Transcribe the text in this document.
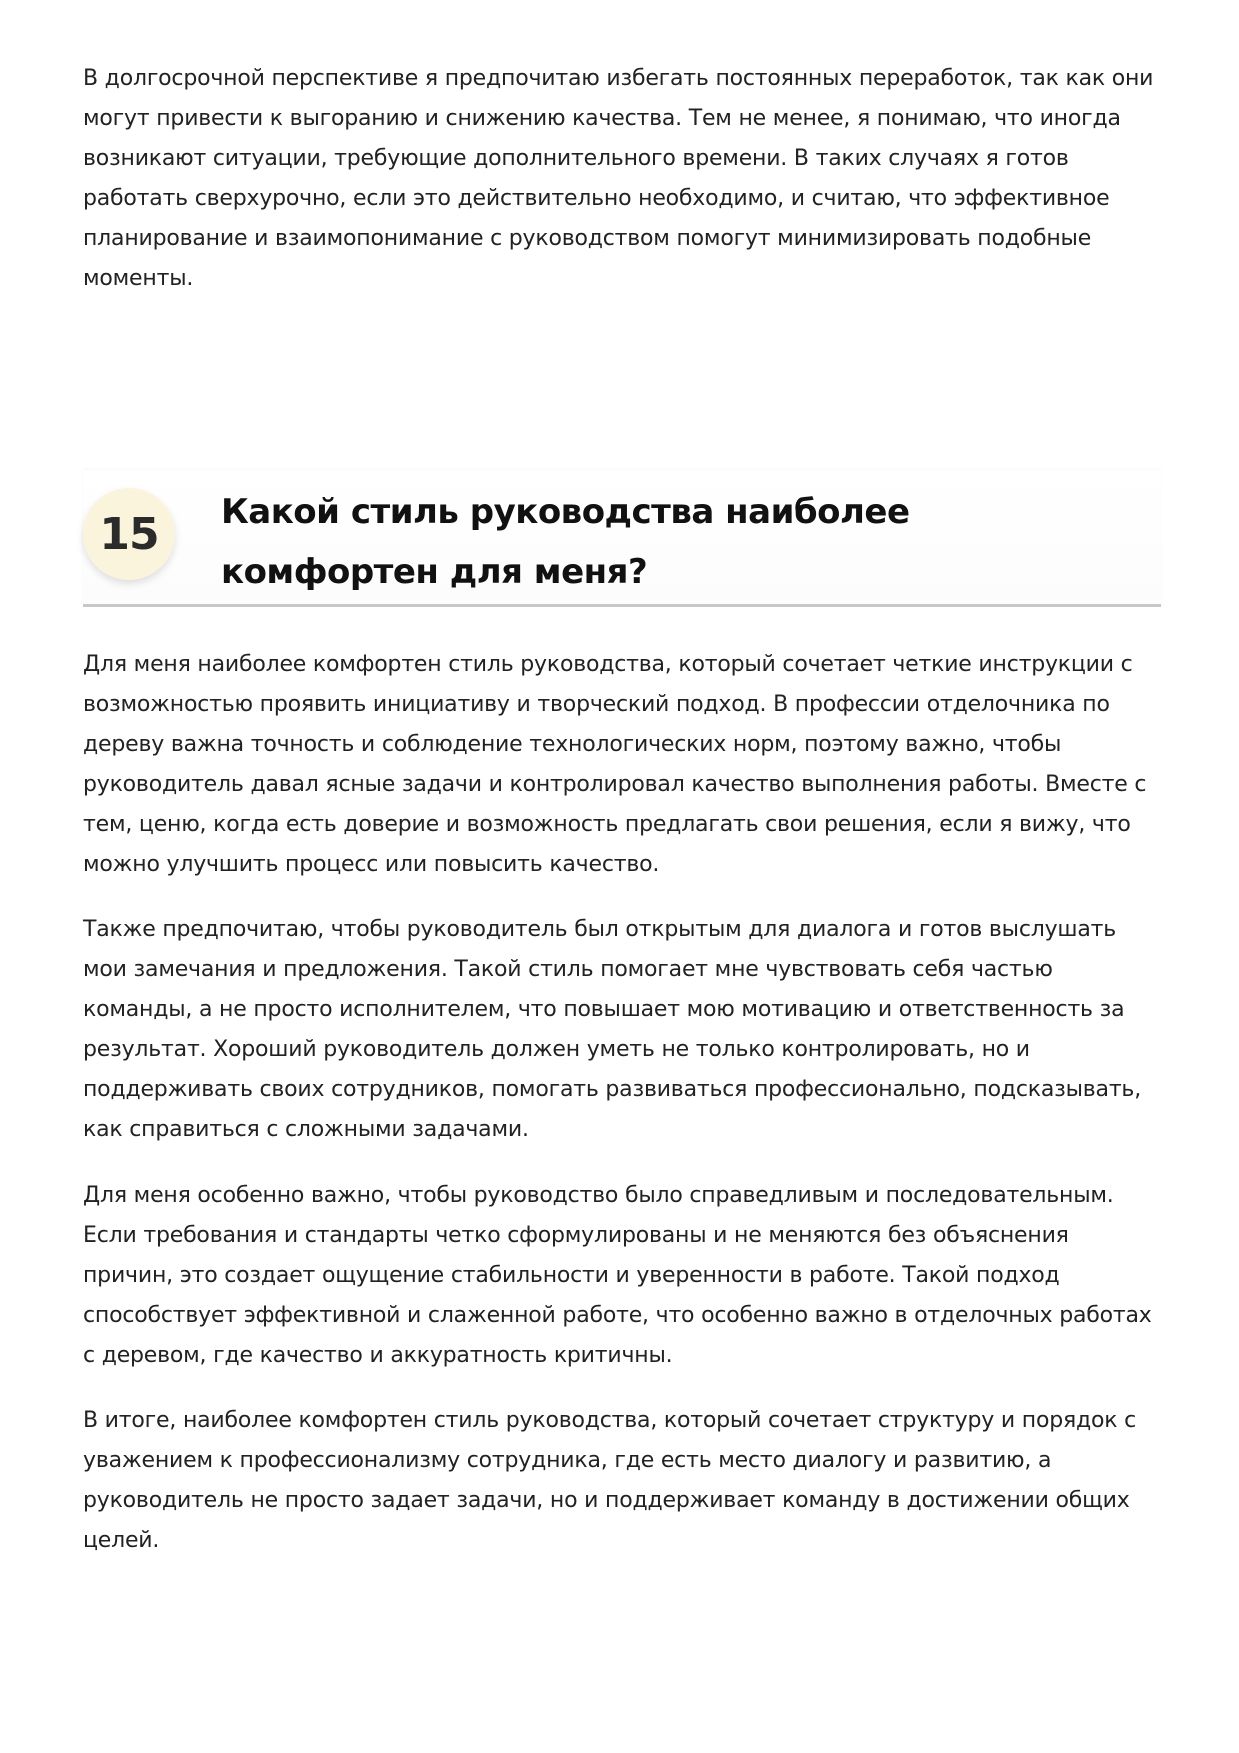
В долгосрочной перспективе я предпочитаю избегать постоянных переработок, так как они могут привести к выгоранию и снижению качества. Тем не менее, я понимаю, что иногда возникают ситуации, требующие дополнительного времени. В таких случаях я готов работать сверхурочно, если это действительно необходимо, и считаю, что эффективное планирование и взаимопонимание с руководством помогут минимизировать подобные моменты.

15	Какой стиль руководства наиболее комфортен для меня?

Для меня наиболее комфортен стиль руководства, который сочетает четкие инструкции с возможностью проявить инициативу и творческий подход. В профессии отделочника по дереву важна точность и соблюдение технологических норм, поэтому важно, чтобы руководитель давал ясные задачи и контролировал качество выполнения работы. Вместе с тем, ценю, когда есть доверие и возможность предлагать свои решения, если я вижу, что можно улучшить процесс или повысить качество.

Также предпочитаю, чтобы руководитель был открытым для диалога и готов выслушать мои замечания и предложения. Такой стиль помогает мне чувствовать себя частью команды, а не просто исполнителем, что повышает мою мотивацию и ответственность за результат. Хороший руководитель должен уметь не только контролировать, но и поддерживать своих сотрудников, помогать развиваться профессионально, подсказывать, как справиться с сложными задачами.

Для меня особенно важно, чтобы руководство было справедливым и последовательным. Если требования и стандарты четко сформулированы и не меняются без объяснения причин, это создает ощущение стабильности и уверенности в работе. Такой подход способствует эффективной и слаженной работе, что особенно важно в отделочных работах с деревом, где качество и аккуратность критичны.

В итоге, наиболее комфортен стиль руководства, который сочетает структуру и порядок с уважением к профессионализму сотрудника, где есть место диалогу и развитию, а руководитель не просто задает задачи, но и поддерживает команду в достижении общих целей.
